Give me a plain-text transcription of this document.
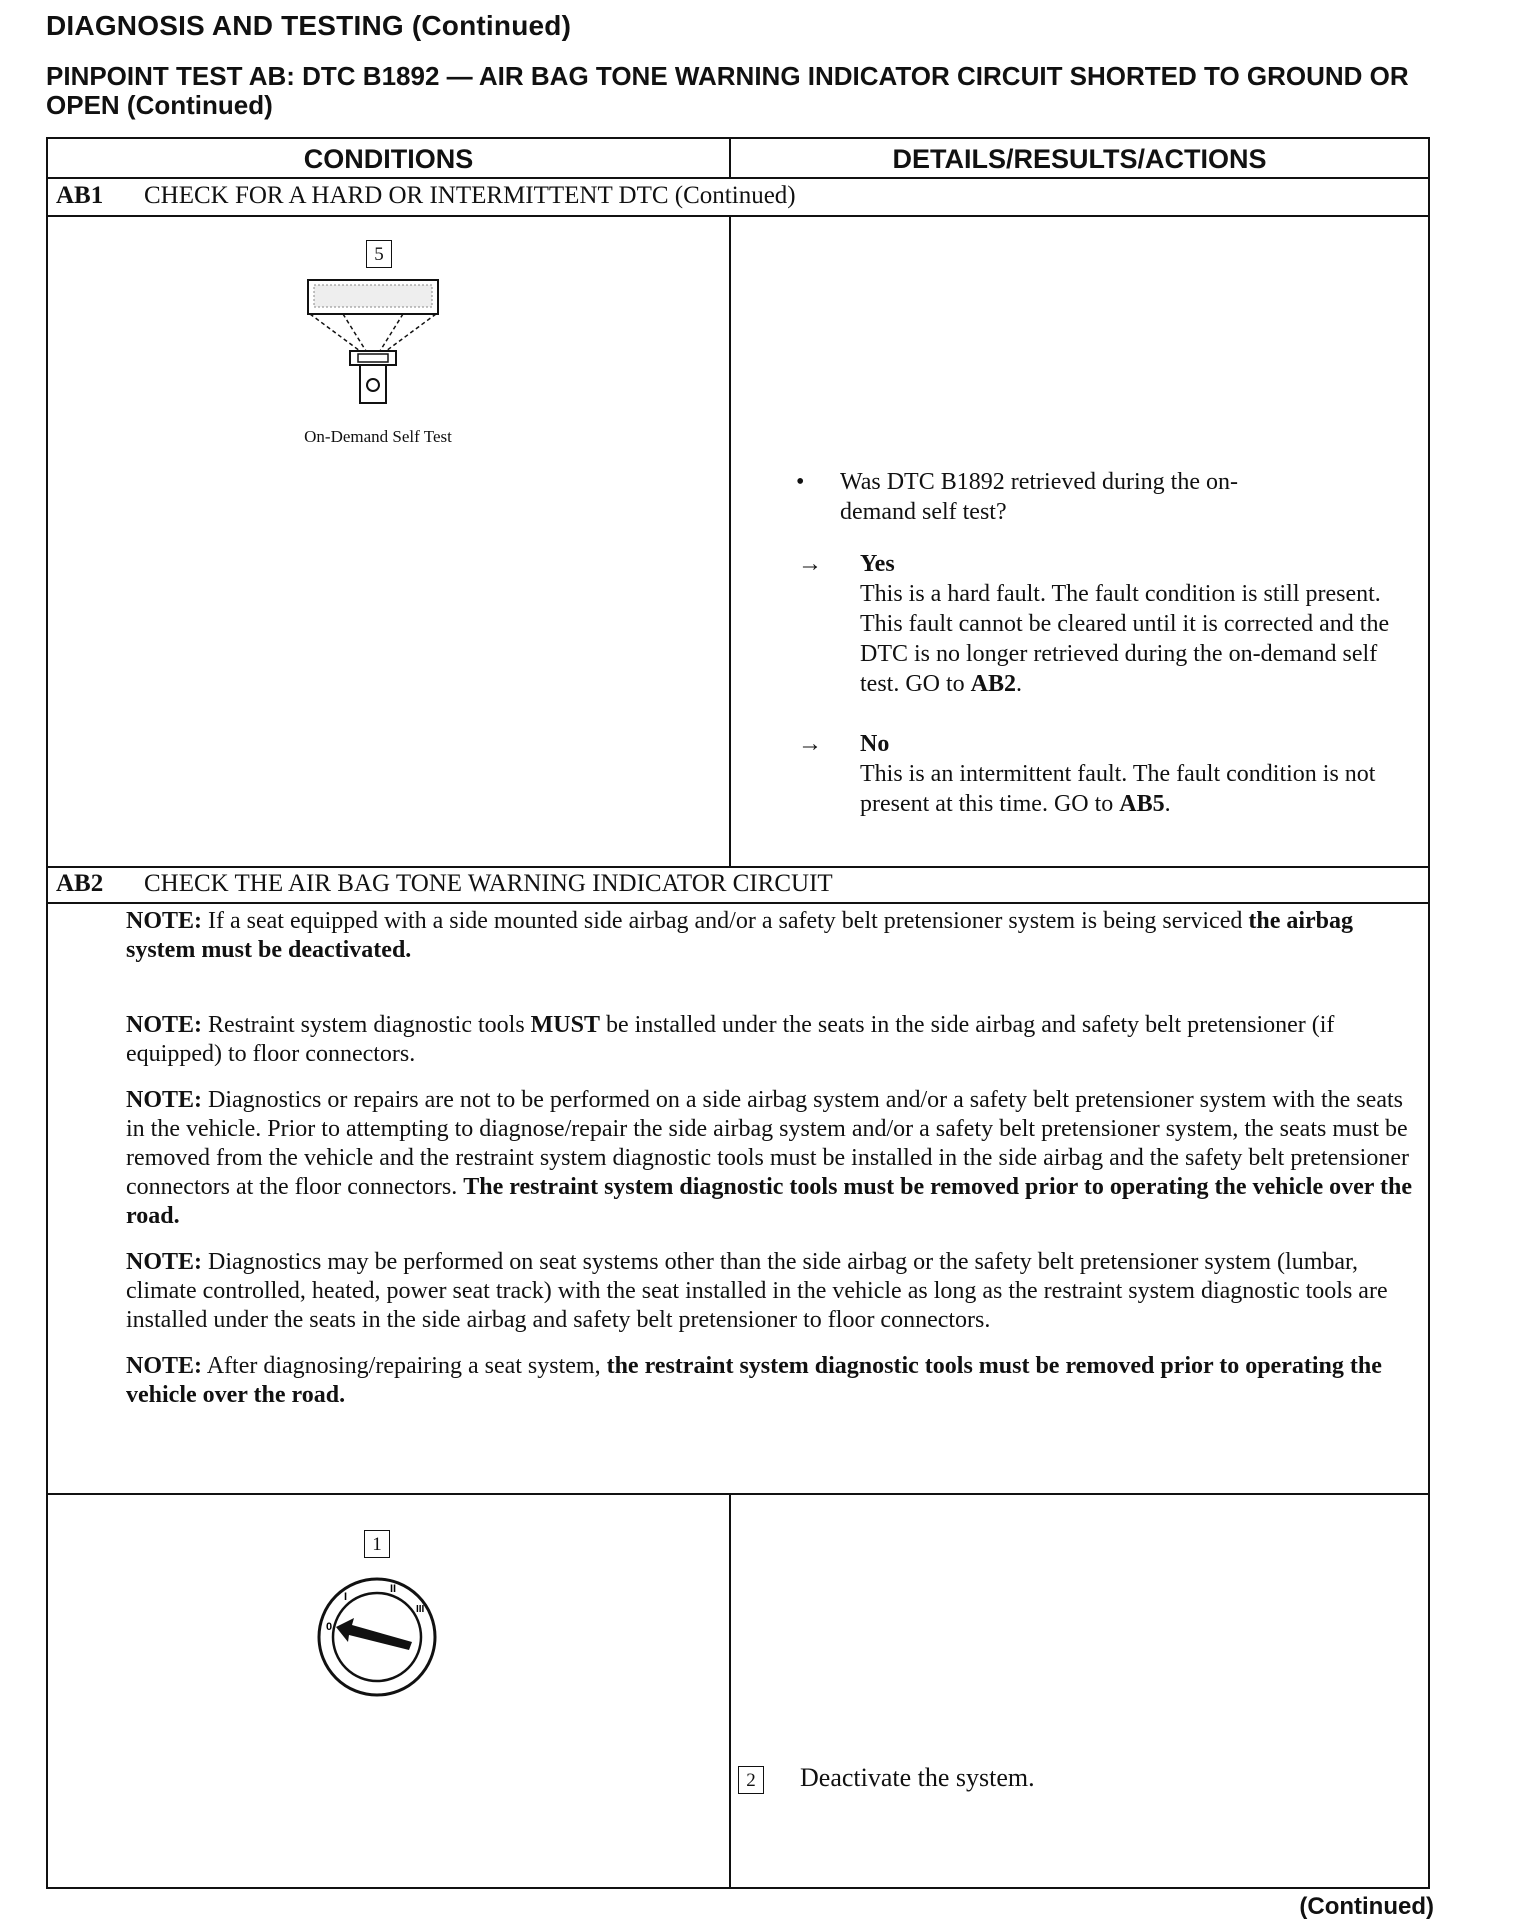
DIAGNOSIS AND TESTING (Continued)
PINPOINT TEST AB: DTC B1892 — AIR BAG TONE WARNING INDICATOR CIRCUIT SHORTED TO GROUND OR OPEN (Continued)
CONDITIONS	DETAILS/RESULTS/ACTIONS
AB1 CHECK FOR A HARD OR INTERMITTENT DTC (Continued)
5
On-Demand Self Test
• Was DTC B1892 retrieved during the on-demand self test?
→ Yes
This is a hard fault. The fault condition is still present. This fault cannot be cleared until it is corrected and the DTC is no longer retrieved during the on-demand self test. GO to AB2.
→ No
This is an intermittent fault. The fault condition is not present at this time. GO to AB5.
AB2 CHECK THE AIR BAG TONE WARNING INDICATOR CIRCUIT

NOTE: If a seat equipped with a side mounted side airbag and/or a safety belt pretensioner system is being serviced the airbag system must be deactivated.

NOTE: Restraint system diagnostic tools MUST be installed under the seats in the side airbag and safety belt pretensioner (if equipped) to floor connectors.

NOTE: Diagnostics or repairs are not to be performed on a side airbag system and/or a safety belt pretensioner system with the seats in the vehicle. Prior to attempting to diagnose/repair the side airbag system and/or a safety belt pretensioner system, the seats must be removed from the vehicle and the restraint system diagnostic tools must be installed in the side airbag and the safety belt pretensioner connectors at the floor connectors. The restraint system diagnostic tools must be removed prior to operating the vehicle over the road.

NOTE: Diagnostics may be performed on seat systems other than the side airbag or the safety belt pretensioner system (lumbar, climate controlled, heated, power seat track) with the seat installed in the vehicle as long as the restraint system diagnostic tools are installed under the seats in the side airbag and safety belt pretensioner to floor connectors.

NOTE: After diagnosing/repairing a seat system, the restraint system diagnostic tools must be removed prior to operating the vehicle over the road.

1
0
I
II
III
2	Deactivate the system.
(Continued)
